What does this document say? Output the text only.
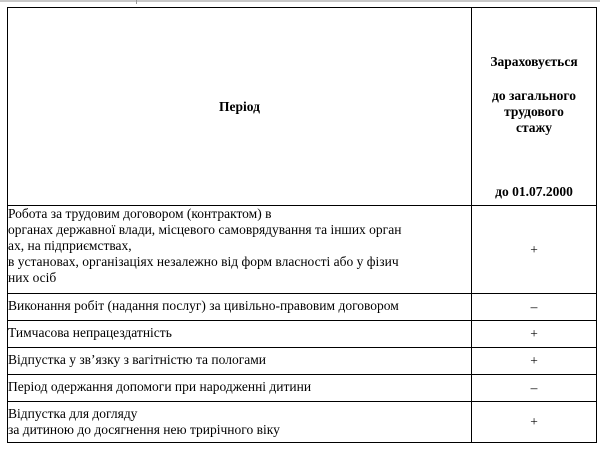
Період	Зараховується
до загального
трудового
стажу
до 01.07.2000

Робота за трудовим договором (контрактом) в
органах державної влади, місцевого самоврядування та інших орган
ах, на підприємствах,
в установах, організаціях незалежно від форм власності або у фізич
них осіб	+

Виконання робіт (надання послуг) за цивільно-правовим договором	–

Тимчасова непрацездатність	+

Відпустка у зв’язку з вагітністю та пологами	+

Період одержання допомоги при народженні дитини	–

Відпустка для догляду
за дитиною до досягнення нею трирічного віку	+
